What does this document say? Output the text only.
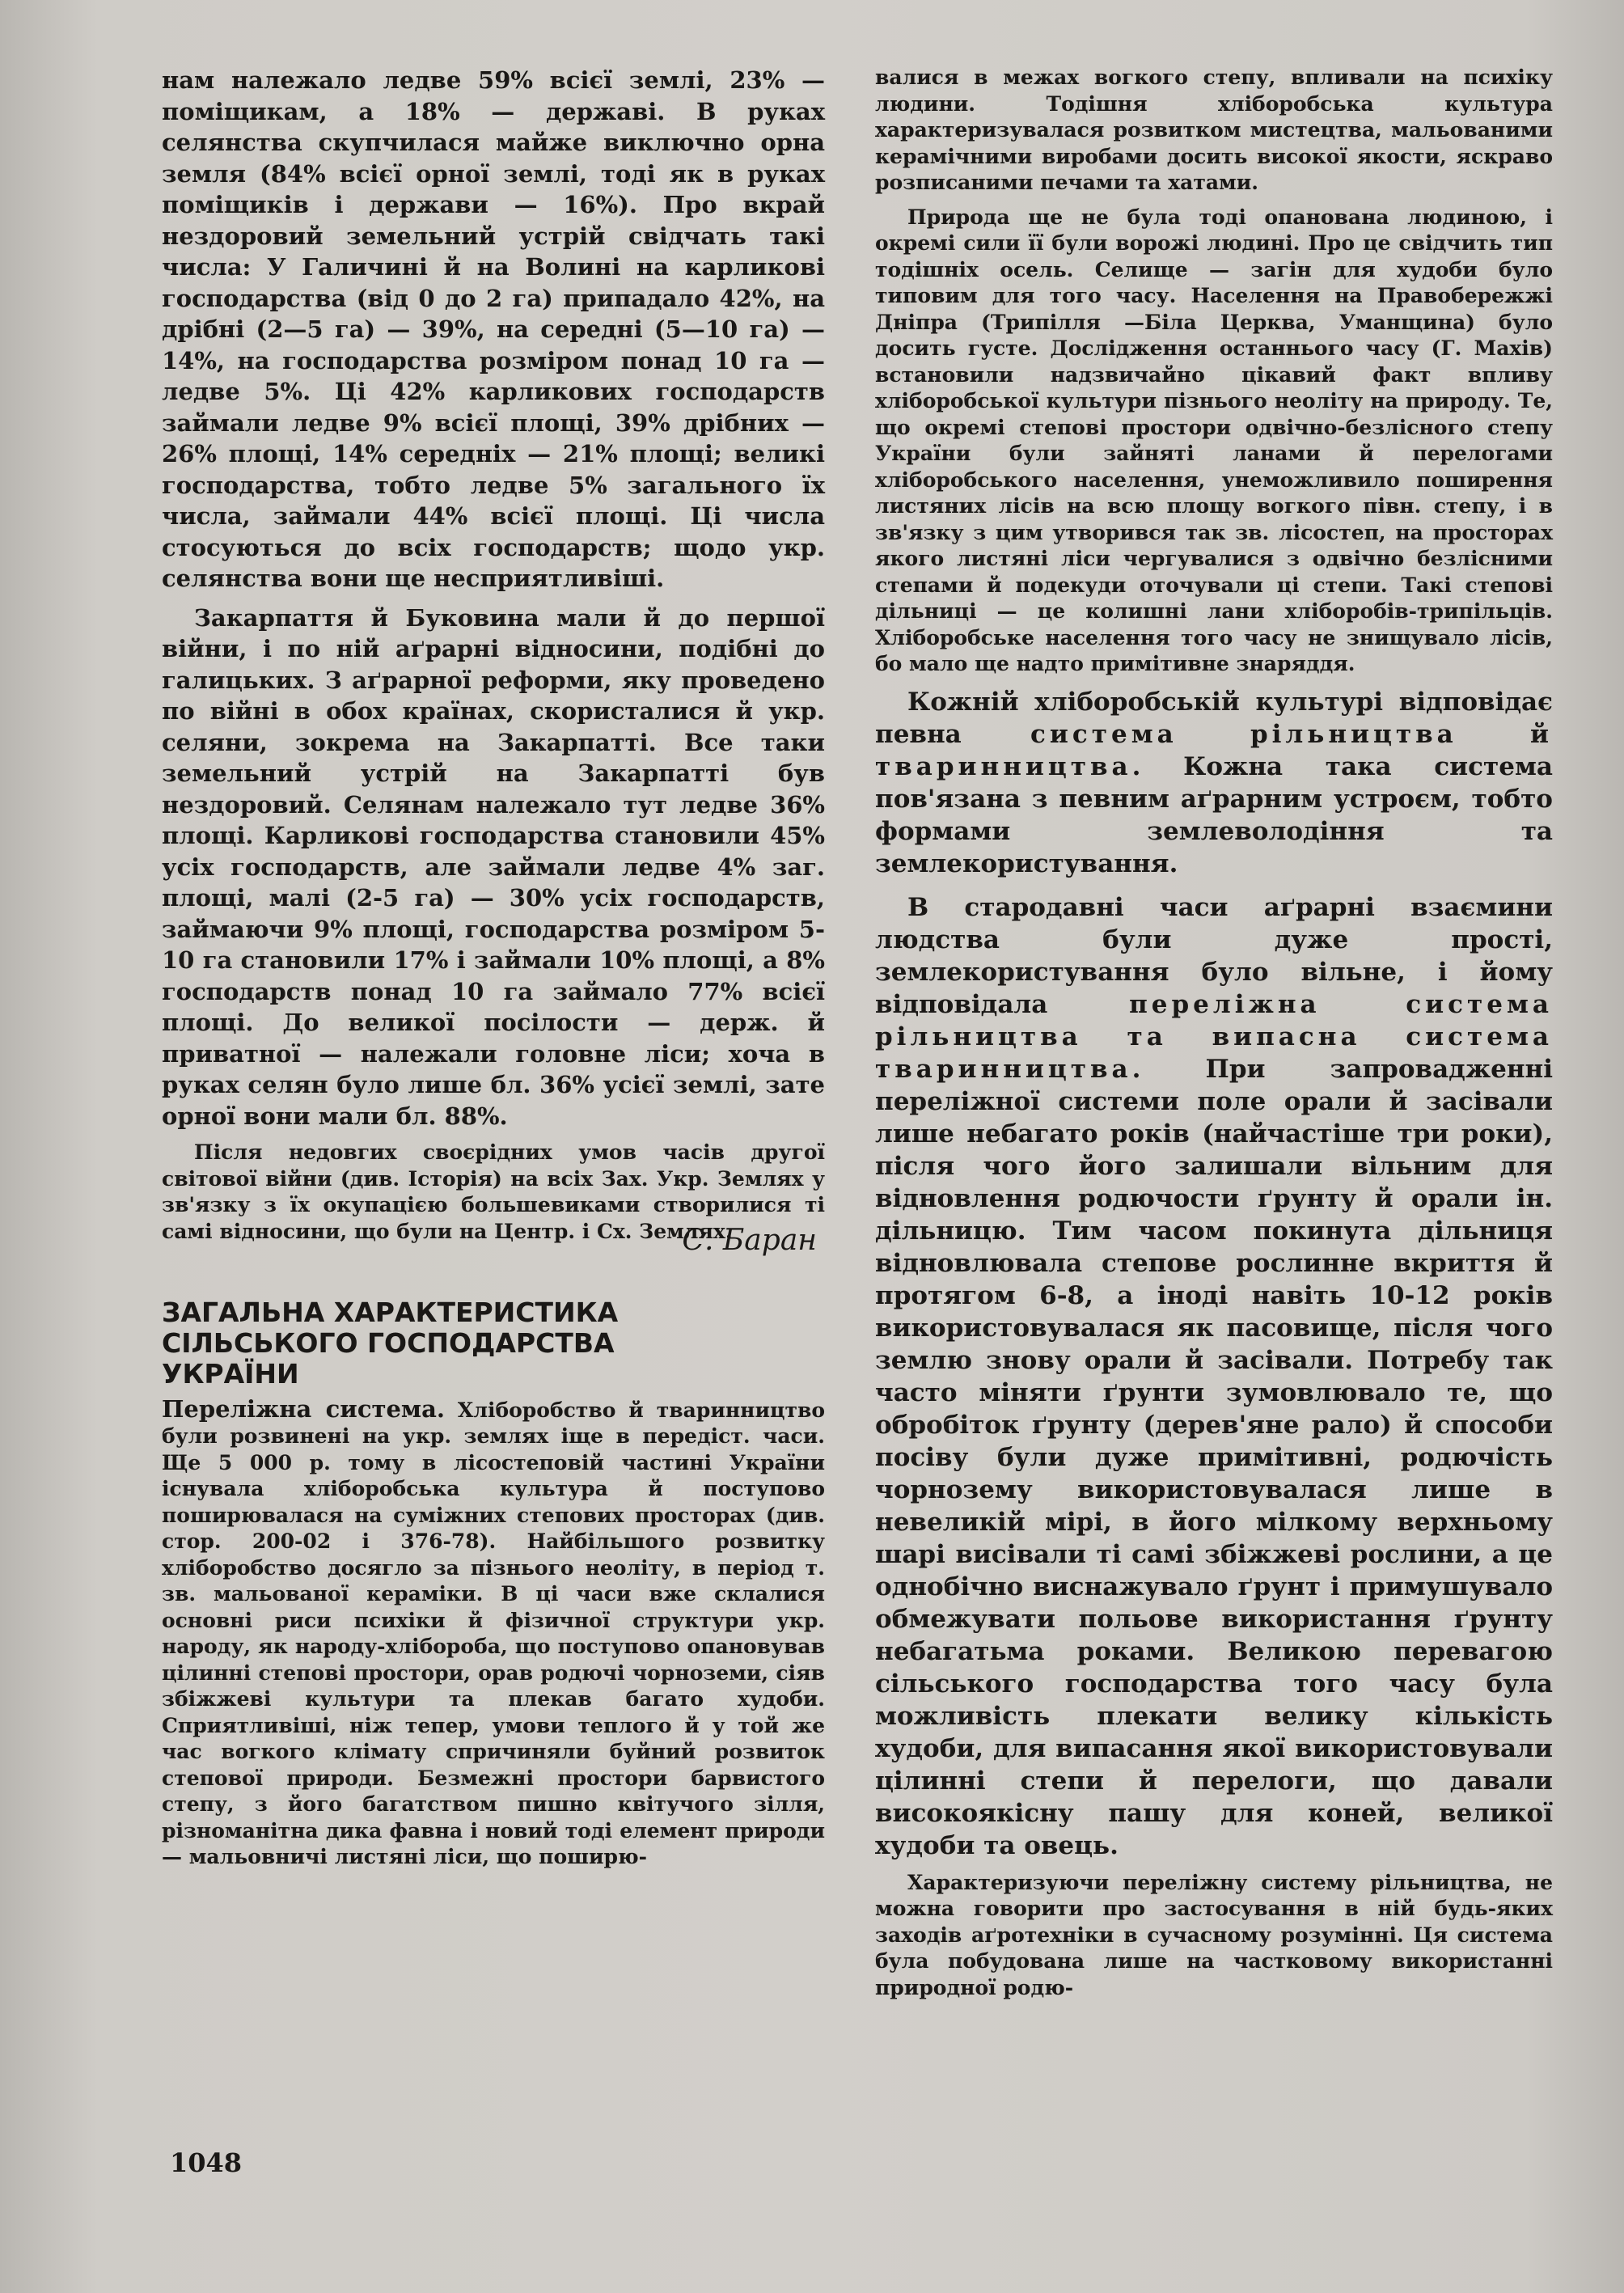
нам належало ледве 59% всієї землі, 23% — поміщикам, а 18% — державі. В руках селянства скупчилася майже виключно орна земля (84% всієї орної землі, тоді як в руках поміщиків і держави — 16%). Про вкрай нездоровий земельний устрій свідчать такі числа: У Галичині й на Волині на карликові господарства (від 0 до 2 га) припадало 42%, на дрібні (2—5 га) — 39%, на середні (5—10 га) — 14%, на господарства розміром понад 10 га — ледве 5%. Ці 42% карликових господарств займали ледве 9% всієї площі, 39% дрібних — 26% площі, 14% середніх — 21% площі; великі господарства, тобто ледве 5% загального їх числа, займали 44% всієї площі. Ці числа стосуються до всіх господарств; щодо укр. селянства вони ще несприятливіші.

Закарпаття й Буковина мали й до першої війни, і по ній аґрарні відносини, подібні до галицьких. З аґрарної реформи, яку проведено по війні в обох країнах, скористалися й укр. селяни, зокрема на Закарпатті. Все таки земельний устрій на Закарпатті був нездоровий. Селянам належало тут ледве 36% площі. Карликові господарства становили 45% усіх господарств, але займали ледве 4% заг. площі, малі (2-5 га) — 30% усіх господарств, займаючи 9% площі, господарства розміром 5-10 га становили 17% і займали 10% площі, а 8% господарств понад 10 га займало 77% всієї площі. До великої посілости — держ. й приватної — належали головне ліси; хоча в руках селян було лише бл. 36% усієї землі, зате орної вони мали бл. 88%.

Після недовгих своєрідних умов часів другої світової війни (див. Історія) на всіх Зах. Укр. Землях у зв'язку з їх окупацією большевиками створилися ті самі відносини, що були на Центр. і Сх. Землях.

С. Баран
ЗАГАЛЬНА ХАРАКТЕРИСТИКА
СІЛЬСЬКОГО ГОСПОДАРСТВА
УКРАЇНИ

Переліжна система. Хліборобство й тваринництво були розвинені на укр. землях іще в передіст. часи. Ще 5 000 р. тому в лісостеповій частині України існувала хліборобська культура й поступово поширювалася на суміжних степових просторах (див. стор. 200-02 і 376-78). Найбільшого розвитку хліборобство досягло за пізнього неоліту, в період т. зв. мальованої кераміки. В ці часи вже склалися основні риси психіки й фізичної структури укр. народу, як народу-хлібороба, що поступово опановував цілинні степові простори, орав родючі чорноземи, сіяв збіжжеві культури та плекав багато худоби. Сприятливіші, ніж тепер, умови теплого й у той же час вогкого клімату спричиняли буйний розвиток степової природи. Безмежні простори барвистого степу, з його багатством пишно квітучого зілля, різноманітна дика фавна і новий тоді елемент природи — мальовничі листяні ліси, що поширю-

валися в межах вогкого степу, впливали на психіку людини. Тодішня хліборобська культура характеризувалася розвитком мистецтва, мальованими керамічними виробами досить високої якости, яскраво розписаними печами та хатами.

Природа ще не була тоді опанована людиною, і окремі сили її були ворожі людині. Про це свідчить тип тодішніх осель. Селище — загін для худоби було типовим для того часу. Населення на Правобережжі Дніпра (Трипілля —Біла Церква, Уманщина) було досить густе. Дослідження останнього часу (Г. Махів) встановили надзвичайно цікавий факт впливу хліборобської культури пізнього неоліту на природу. Те, що окремі степові простори одвічно-безлісного степу України були зайняті ланами й перелогами хліборобського населення, унеможливило поширення листяних лісів на всю площу вогкого півн. степу, і в зв'язку з цим утворився так зв. лісостеп, на просторах якого листяні ліси чергувалися з одвічно безлісними степами й подекуди оточували ці степи. Такі степові дільниці — це колишні лани хліборобів-трипільців. Хліборобське населення того часу не знищувало лісів, бо мало ще надто примітивне знаряддя.

Кожній хліборобській культурі відповідає певна	система рільництва й тваринництва. Кожна така система пов'язана з певним аґрарним устроєм, тобто формами землеволодіння та землекористування.

В стародавні часи аґрарні взаємини людства були дуже прості, землекористування було вільне, і йому відповідала	переліжна система рільництва та випасна система тваринництва. При запровадженні переліжної системи поле орали й засівали лише небагато років (найчастіше три роки), після чого його залишали вільним для відновлення родючости ґрунту й орали ін. дільницю. Тим часом покинута дільниця відновлювала степове рослинне вкриття й протягом 6-8, а іноді навіть 10-12 років використовувалася як пасовище, після чого землю знову орали й засівали. Потребу так часто міняти ґрунти зумовлювало те, що обробіток ґрунту (дерев'яне рало) й способи посіву були дуже примітивні, родючість чорнозему використовувалася лише в невеликій мірі, в його мілкому верхньому шарі висівали ті самі збіжжеві рослини, а це однобічно виснажувало ґрунт і примушувало обмежувати польове використання ґрунту небагатьма роками. Великою перевагою сільського господарства того часу була можливість плекати велику кількість худоби, для випасання якої використовували цілинні степи й перелоги, що давали високоякісну пашу для коней, великої худоби та овець.

Характеризуючи переліжну систему рільництва, не можна говорити про застосування в ній будь-яких заходів аґротехніки в сучасному розумінні. Ця система була побудована лише на частковому використанні природної родю-

1048
